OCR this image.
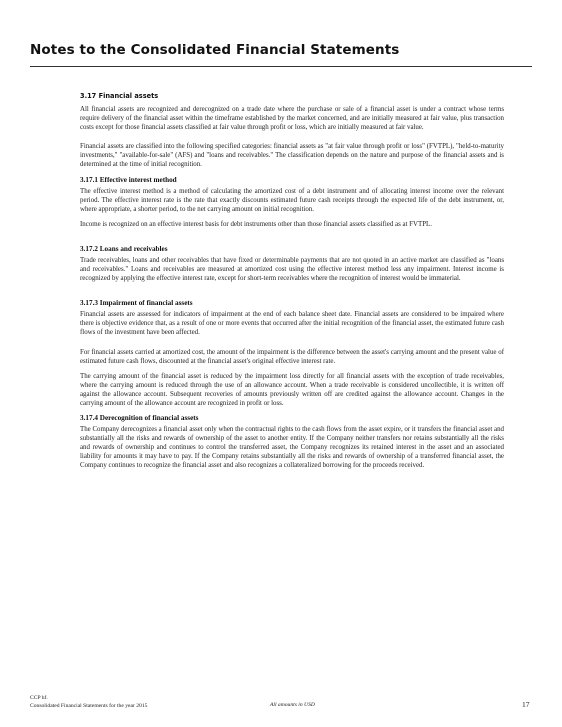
Notes to the Consolidated Financial Statements
3.17 Financial assets

All financial assets are recognized and derecognized on a trade date where the purchase or sale of a financial asset is under a contract whose terms require delivery of the financial asset within the timeframe established by the market concerned, and are initially measured at fair value, plus transaction costs except for those financial assets classified at fair value through profit or loss, which are initially measured at fair value.

Financial assets are classified into the following specified categories: financial assets as "at fair value through profit or loss" (FVTPL), "held-to-maturity investments," "available-for-sale" (AFS) and "loans and receivables." The classification depends on the nature and purpose of the financial assets and is determined at the time of initial recognition.

3.17.1 Effective interest method

The effective interest method is a method of calculating the amortized cost of a debt instrument and of allocating interest income over the relevant period. The effective interest rate is the rate that exactly discounts estimated future cash receipts through the expected life of the debt instrument, or, where appropriate, a shorter period, to the net carrying amount on initial recognition.

Income is recognized on an effective interest basis for debt instruments other than those financial assets classified as at FVTPL.

3.17.2 Loans and receivables

Trade receivables, loans and other receivables that have fixed or determinable payments that are not quoted in an active market are classified as "loans and receivables." Loans and receivables are measured at amortized cost using the effective interest method less any impairment. Interest income is recognized by applying the effective interest rate, except for short-term receivables where the recognition of interest would be immaterial.

3.17.3 Impairment of financial assets

Financial assets are assessed for indicators of impairment at the end of each balance sheet date. Financial assets are considered to be impaired where there is objective evidence that, as a result of one or more events that occurred after the initial recognition of the financial asset, the estimated future cash flows of the investment have been affected.

For financial assets carried at amortized cost, the amount of the impairment is the difference between the asset's carrying amount and the present value of estimated future cash flows, discounted at the financial asset's original effective interest rate.

The carrying amount of the financial asset is reduced by the impairment loss directly for all financial assets with the exception of trade receivables, where the carrying amount is reduced through the use of an allowance account. When a trade receivable is considered uncollectible, it is written off against the allowance account. Subsequent recoveries of amounts previously written off are credited against the allowance account. Changes in the carrying amount of the allowance account are recognized in profit or loss.

3.17.4 Derecognition of financial assets

The Company derecognizes a financial asset only when the contractual rights to the cash flows from the asset expire, or it transfers the financial asset and substantially all the risks and rewards of ownership of the asset to another entity. If the Company neither transfers nor retains substantially all the risks and rewards of ownership and continues to control the transferred asset, the Company recognizes its retained interest in the asset and an associated liability for amounts it may have to pay. If the Company retains substantially all the risks and rewards of ownership of a transferred financial asset, the Company continues to recognize the financial asset and also recognizes a collateralized borrowing for the proceeds received.

CCP hf.
Consolidated Financial Statements for the year 2015	All amounts in USD	17
